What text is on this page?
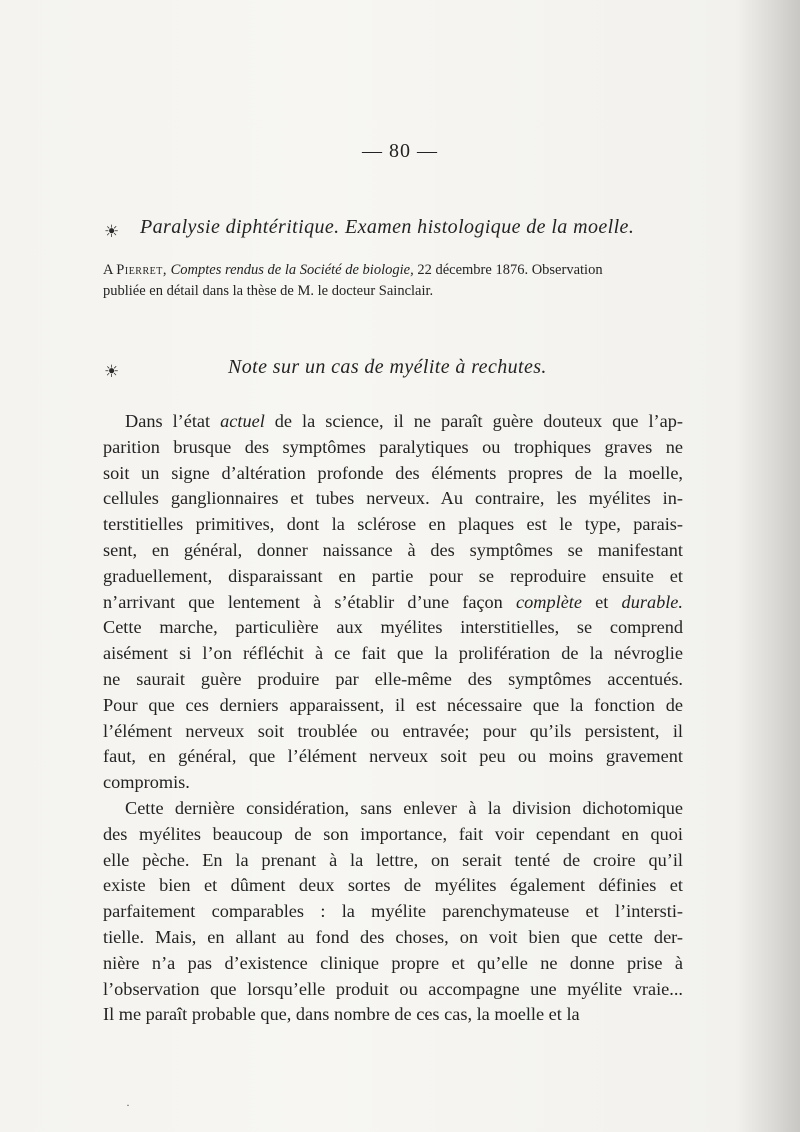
— 80 —
☀ Paralysie diphtéritique. Examen histologique de la moelle.
A Pierret, Comptes rendus de la Société de biologie, 22 décembre 1876. Observation
publiée en détail dans la thèse de M. le docteur Sainclair.
☀	Note sur un cas de myélite à rechutes.
Dans l’état actuel de la science, il ne paraît guère douteux que l’ap-
parition brusque des symptômes paralytiques ou trophiques graves ne
soit un signe d’altération profonde des éléments propres de la moelle,
cellules ganglionnaires et tubes nerveux. Au contraire, les myélites in-
terstitielles primitives, dont la sclérose en plaques est le type, parais-
sent, en général, donner naissance à des symptômes se manifestant
graduellement, disparaissant en partie pour se reproduire ensuite et
n’arrivant que lentement à s’établir d’une façon complète et durable.
Cette marche, particulière aux myélites interstitielles, se comprend
aisément si l’on réfléchit à ce fait que la prolifération de la névroglie
ne saurait guère produire par elle-même des symptômes accentués.
Pour que ces derniers apparaissent, il est nécessaire que la fonction de
l’élément nerveux soit troublée ou entravée; pour qu’ils persistent, il
faut, en général, que l’élément nerveux soit peu ou moins gravement
compromis.
Cette dernière considération, sans enlever à la division dichotomique
des myélites beaucoup de son importance, fait voir cependant en quoi
elle pèche. En la prenant à la lettre, on serait tenté de croire qu’il
existe bien et dûment deux sortes de myélites également définies et
parfaitement comparables : la myélite parenchymateuse et l’intersti-
tielle. Mais, en allant au fond des choses, on voit bien que cette der-
nière n’a pas d’existence clinique propre et qu’elle ne donne prise à
l’observation que lorsqu’elle produit ou accompagne une myélite vraie...
Il me paraît probable que, dans nombre de ces cas, la moelle et la
·
